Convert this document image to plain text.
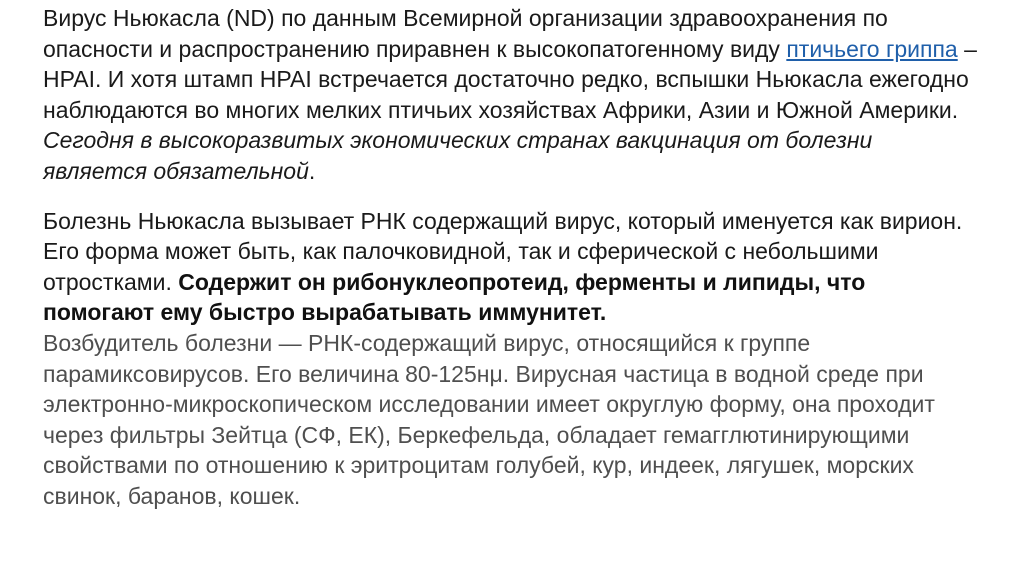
Вирус Ньюкасла (ND) по данным Всемирной организации здравоохранения по опасности и распространению приравнен к высокопатогенному виду птичьего гриппа – HPAI. И хотя штамп HPAI встречается достаточно редко, вспышки Ньюкасла ежегодно наблюдаются во многих мелких птичьих хозяйствах Африки, Азии и Южной Америки. Сегодня в высокоразвитых экономических странах вакцинация от болезни является обязательной.

Болезнь Ньюкасла вызывает РНК содержащий вирус, который именуется как вирион. Его форма может быть, как палочковидной, так и сферической с небольшими отростками. Содержит он рибонуклеопротеид, ферменты и липиды, что помогают ему быстро вырабатывать иммунитет.

Возбудитель болезни — РНК-содержащий вирус, относящийся к группе парамиксовирусов. Его величина 80-125нμ. Вирусная частица в водной среде при электронно-микроскопическом исследовании имеет округлую форму, она проходит через фильтры Зейтца (СФ, ЕК), Беркефельда, обладает гемагглютинирующими свойствами по отношению к эритроцитам голубей, кур, индеек, лягушек, морских свинок, баранов, кошек.
